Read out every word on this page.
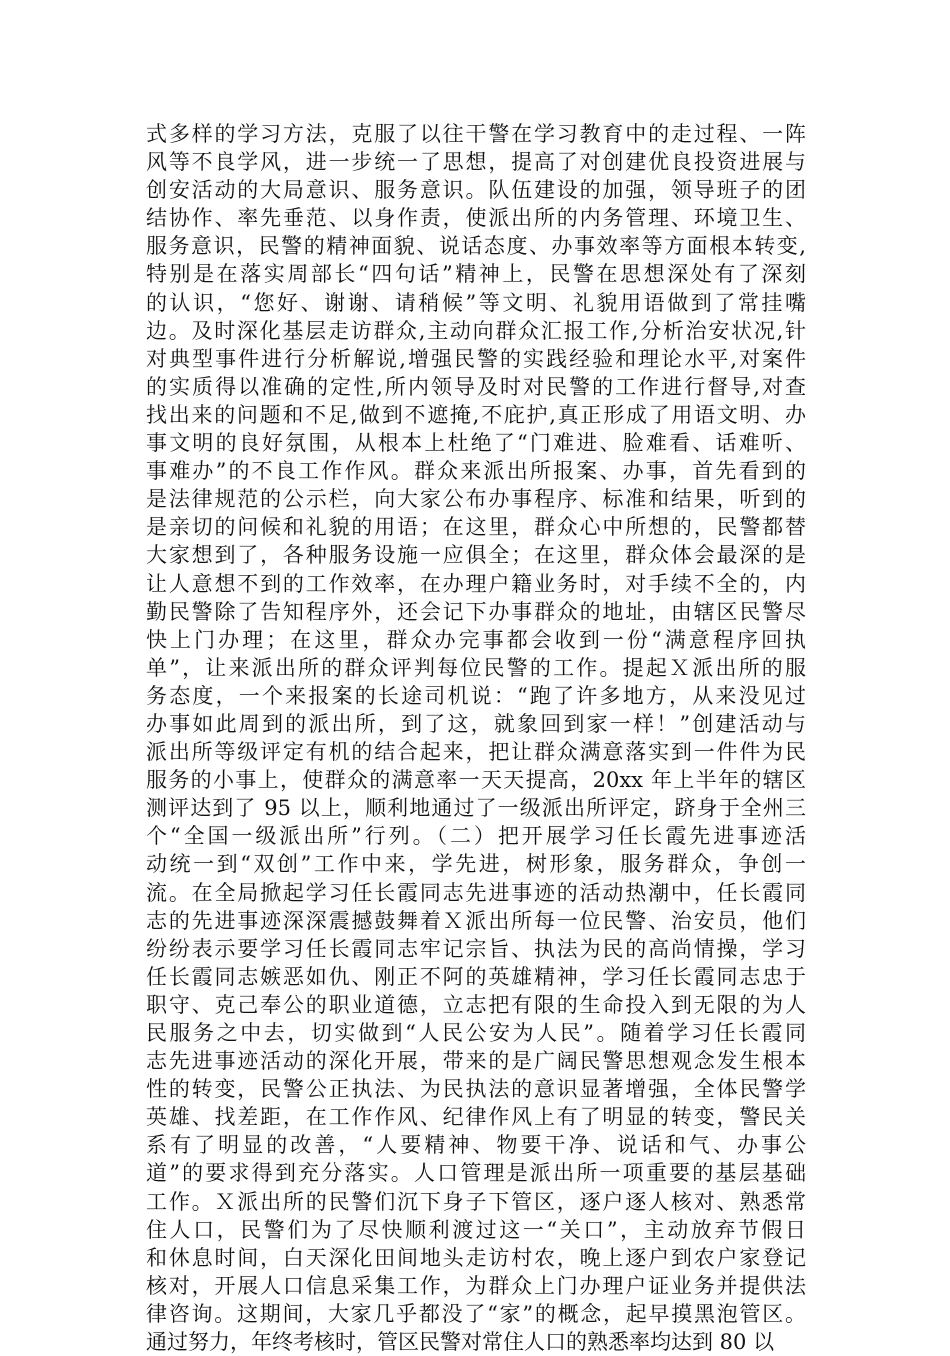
式多样的学习方法，克服了以往干警在学习教育中的走过程、一阵
风等不良学风，进一步统一了思想，提高了对创建优良投资进展与
创安活动的大局意识、服务意识。队伍建设的加强，领导班子的团
结协作、率先垂范、以身作责，使派出所的内务管理、环境卫生、
服务意识，民警的精神面貌、说话态度、办事效率等方面根本转变,
特别是在落实周部长“四句话”精神上，民警在思想深处有了深刻
的认识，“您好、谢谢、请稍候”等文明、礼貌用语做到了常挂嘴
边。及时深化基层走访群众,主动向群众汇报工作,分析治安状况,针
对典型事件进行分析解说,增强民警的实践经验和理论水平,对案件
的实质得以准确的定性,所内领导及时对民警的工作进行督导,对查
找出来的问题和不足,做到不遮掩,不庇护,真正形成了用语文明、办
事文明的良好氛围，从根本上杜绝了“门难进、脸难看、话难听、
事难办”的不良工作作风。群众来派出所报案、办事，首先看到的
是法律规范的公示栏，向大家公布办事程序、标准和结果，听到的
是亲切的问候和礼貌的用语；在这里，群众心中所想的，民警都替
大家想到了，各种服务设施一应俱全；在这里，群众体会最深的是
让人意想不到的工作效率，在办理户籍业务时，对手续不全的，内
勤民警除了告知程序外，还会记下办事群众的地址，由辖区民警尽
快上门办理；在这里，群众办完事都会收到一份“满意程序回执
单”，让来派出所的群众评判每位民警的工作。提起Ｘ派出所的服
务态度，一个来报案的长途司机说：“跑了许多地方，从来没见过
办事如此周到的派出所，到了这，就象回到家一样！”创建活动与
派出所等级评定有机的结合起来，把让群众满意落实到一件件为民
服务的小事上，使群众的满意率一天天提高，20xx 年上半年的辖区
测评达到了 95 以上，顺利地通过了一级派出所评定，跻身于全州三
个“全国一级派出所”行列。（二）把开展学习任长霞先进事迹活
动统一到“双创”工作中来，学先进，树形象，服务群众，争创一
流。在全局掀起学习任长霞同志先进事迹的活动热潮中，任长霞同
志的先进事迹深深震撼鼓舞着Ｘ派出所每一位民警、治安员，他们
纷纷表示要学习任长霞同志牢记宗旨、执法为民的高尚情操，学习
任长霞同志嫉恶如仇、刚正不阿的英雄精神，学习任长霞同志忠于
职守、克己奉公的职业道德，立志把有限的生命投入到无限的为人
民服务之中去，切实做到“人民公安为人民”。随着学习任长霞同
志先进事迹活动的深化开展，带来的是广阔民警思想观念发生根本
性的转变，民警公正执法、为民执法的意识显著增强，全体民警学
英雄、找差距，在工作作风、纪律作风上有了明显的转变，警民关
系有了明显的改善，“人要精神、物要干净、说话和气、办事公
道”的要求得到充分落实。人口管理是派出所一项重要的基层基础
工作。Ｘ派出所的民警们沉下身子下管区，逐户逐人核对、熟悉常
住人口，民警们为了尽快顺利渡过这一“关口”，主动放弃节假日
和休息时间，白天深化田间地头走访村农，晚上逐户到农户家登记
核对，开展人口信息采集工作，为群众上门办理户证业务并提供法
律咨询。这期间，大家几乎都没了“家”的概念，起早摸黑泡管区。
通过努力，年终考核时，管区民警对常住人口的熟悉率均达到 80 以
